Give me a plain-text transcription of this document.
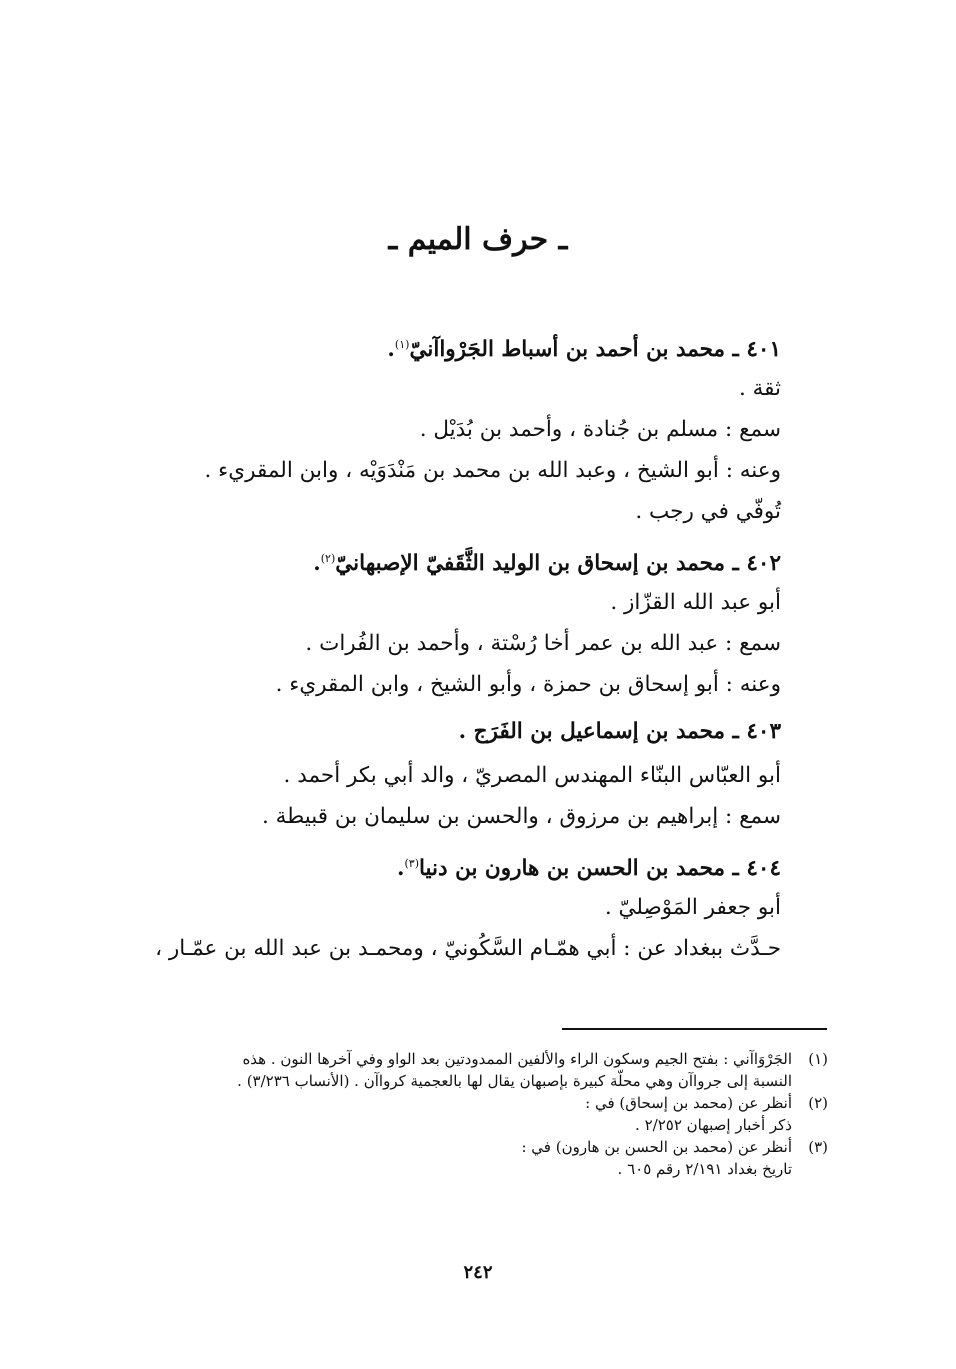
ـ حرف الميم ـ
٤٠١ ـ محمد بن أحمد بن أسباط الجَرْواآنيّ$^{(١)}$.
ثقة .
سمع : مسلم بن جُنادة ، وأحمد بن بُدَيْل .
وعنه : أبو الشيخ ، وعبد الله بن محمد بن مَنْدَوَيْه ، وابن المقريء .
تُوفّي في رجب .
٤٠٢ ـ محمد بن إسحاق بن الوليد الثَّقَفيّ الإصبهانيّ$^{(٢)}$.
أبو عبد الله القزّاز .
سمع : عبد الله بن عمر أخا رُسْتة ، وأحمد بن الفُرات .
وعنه : أبو إسحاق بن حمزة ، وأبو الشيخ ، وابن المقريء .
٤٠٣ ـ محمد بن إسماعيل بن الفَرَج .
أبو العبّاس البنّاء المهندس المصريّ ، والد أبي بكر أحمد .
سمع : إبراهيم بن مرزوق ، والحسن بن سليمان بن قبيطة .
٤٠٤ ـ محمد بن الحسن بن هارون بن دنيا$^{(٣)}$.
أبو جعفر المَوْصِليّ .
حـدَّث ببغداد عن : أبي همّـام السَّكُونيّ ، ومحمـد بن عبد الله بن عمّـار ،
(١)
الجَرْوَاآني : بفتح الجيم وسكون الراء والألفين الممدودتين بعد الواو وفي آخرها النون . هذه
النسبة إلى جرواآن وهي محلّة كبيرة بإصبهان يقال لها بالعجمية كرواآن . (الأنساب ٣/٢٣٦) .
(٢)
أنظر عن (محمد بن إسحاق) في :
ذكر أخبار إصبهان ٢/٢٥٢ .
(٣)
أنظر عن (محمد بن الحسن بن هارون) في :
تاريخ بغداد ٢/١٩١ رقم ٦٠٥ .
٢٤٢
